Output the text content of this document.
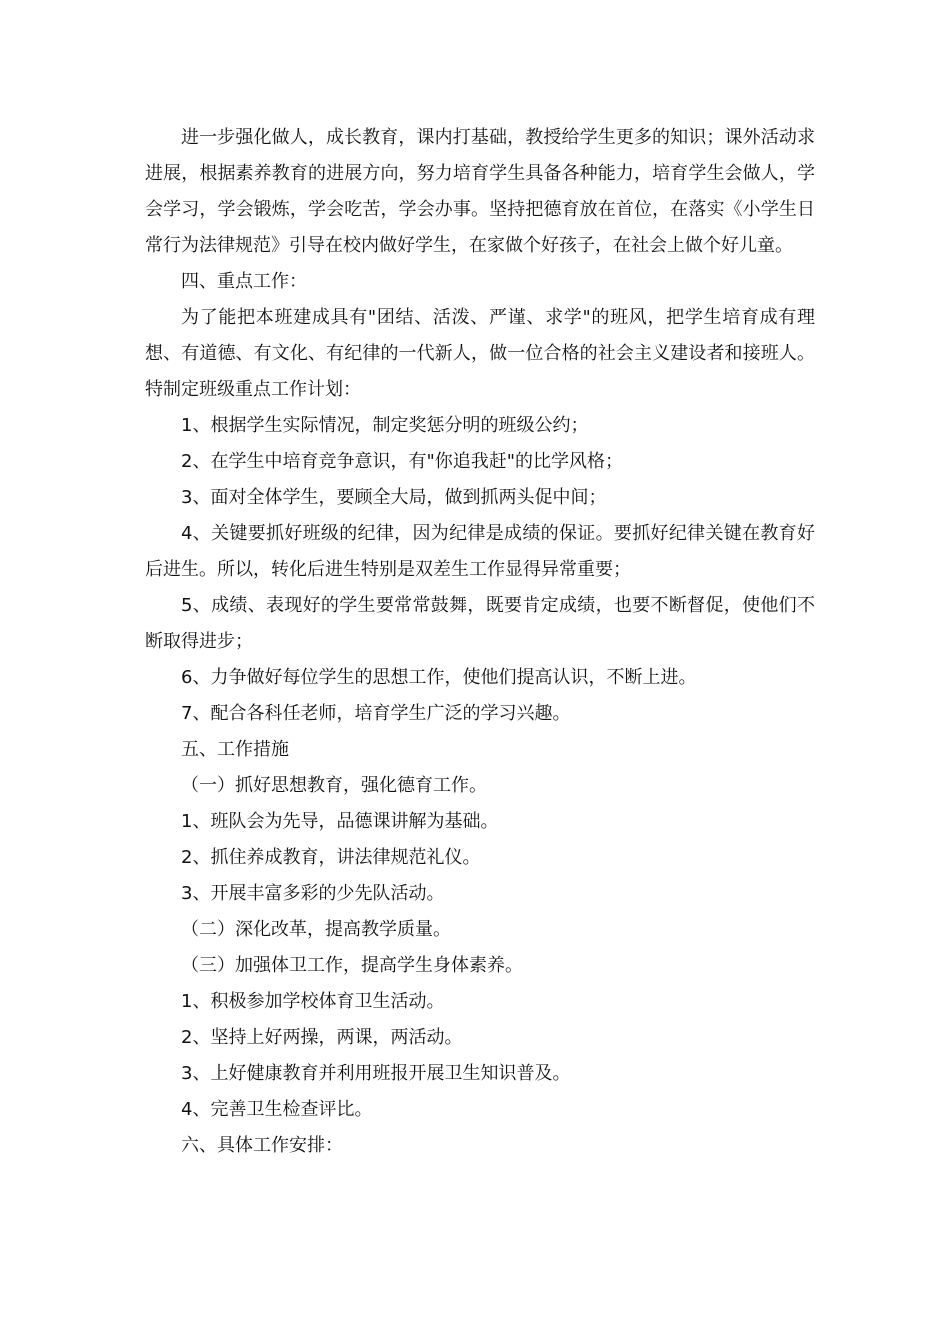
进一步强化做人，成长教育，课内打基础，教授给学生更多的知识；课外活动求进展，根据素养教育的进展方向，努力培育学生具备各种能力，培育学生会做人，学会学习，学会锻炼，学会吃苦，学会办事。坚持把德育放在首位，在落实《小学生日常行为法律规范》引导在校内做好学生，在家做个好孩子，在社会上做个好儿童。

四、重点工作：

为了能把本班建成具有"团结、活泼、严谨、求学"的班风，把学生培育成有理想、有道德、有文化、有纪律的一代新人，做一位合格的社会主义建设者和接班人。特制定班级重点工作计划：

1、根据学生实际情况，制定奖惩分明的班级公约；

2、在学生中培育竞争意识，有"你追我赶"的比学风格；

3、面对全体学生，要顾全大局，做到抓两头促中间；

4、关键要抓好班级的纪律，因为纪律是成绩的保证。要抓好纪律关键在教育好后进生。所以，转化后进生特别是双差生工作显得异常重要；

5、成绩、表现好的学生要常常鼓舞，既要肯定成绩，也要不断督促，使他们不断取得进步；

6、力争做好每位学生的思想工作，使他们提高认识，不断上进。

7、配合各科任老师，培育学生广泛的学习兴趣。

五、工作措施

（一）抓好思想教育，强化德育工作。

1、班队会为先导，品德课讲解为基础。

2、抓住养成教育，讲法律规范礼仪。

3、开展丰富多彩的少先队活动。

（二）深化改革，提高教学质量。

（三）加强体卫工作，提高学生身体素养。

1、积极参加学校体育卫生活动。

2、坚持上好两操，两课，两活动。

3、上好健康教育并利用班报开展卫生知识普及。

4、完善卫生检查评比。

六、具体工作安排：
